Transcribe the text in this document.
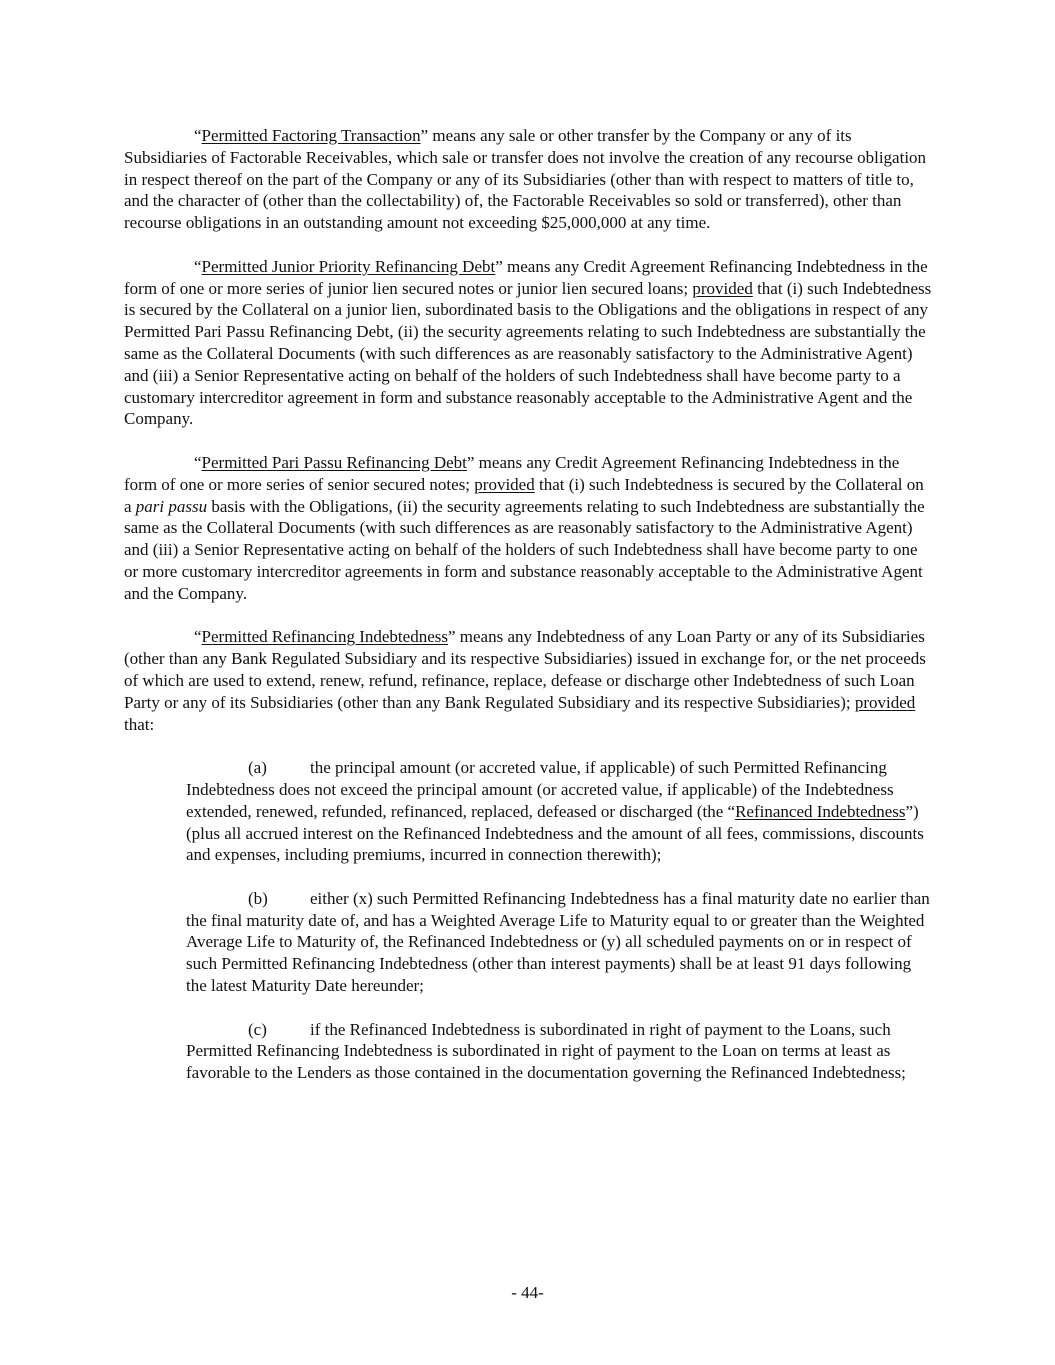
“Permitted Factoring Transaction” means any sale or other transfer by the Company or any of its Subsidiaries of Factorable Receivables, which sale or transfer does not involve the creation of any recourse obligation in respect thereof on the part of the Company or any of its Subsidiaries (other than with respect to matters of title to, and the character of (other than the collectability) of, the Factorable Receivables so sold or transferred), other than recourse obligations in an outstanding amount not exceeding $25,000,000 at any time.

“Permitted Junior Priority Refinancing Debt” means any Credit Agreement Refinancing Indebtedness in the form of one or more series of junior lien secured notes or junior lien secured loans; provided that (i) such Indebtedness is secured by the Collateral on a junior lien, subordinated basis to the Obligations and the obligations in respect of any Permitted Pari Passu Refinancing Debt, (ii) the security agreements relating to such Indebtedness are substantially the same as the Collateral Documents (with such differences as are reasonably satisfactory to the Administrative Agent) and (iii) a Senior Representative acting on behalf of the holders of such Indebtedness shall have become party to a customary intercreditor agreement in form and substance reasonably acceptable to the Administrative Agent and the Company.

“Permitted Pari Passu Refinancing Debt” means any Credit Agreement Refinancing Indebtedness in the form of one or more series of senior secured notes; provided that (i) such Indebtedness is secured by the Collateral on a pari passu basis with the Obligations, (ii) the security agreements relating to such Indebtedness are substantially the same as the Collateral Documents (with such differences as are reasonably satisfactory to the Administrative Agent) and (iii) a Senior Representative acting on behalf of the holders of such Indebtedness shall have become party to one or more customary intercreditor agreements in form and substance reasonably acceptable to the Administrative Agent and the Company.

“Permitted Refinancing Indebtedness” means any Indebtedness of any Loan Party or any of its Subsidiaries (other than any Bank Regulated Subsidiary and its respective Subsidiaries) issued in exchange for, or the net proceeds of which are used to extend, renew, refund, refinance, replace, defease or discharge other Indebtedness of such Loan Party or any of its Subsidiaries (other than any Bank Regulated Subsidiary and its respective Subsidiaries); provided that:

(a)	the principal amount (or accreted value, if applicable) of such Permitted Refinancing Indebtedness does not exceed the principal amount (or accreted value, if applicable) of the Indebtedness extended, renewed, refunded, refinanced, replaced, defeased or discharged (the “Refinanced Indebtedness”) (plus all accrued interest on the Refinanced Indebtedness and the amount of all fees, commissions, discounts and expenses, including premiums, incurred in connection therewith);

(b) either (x) such Permitted Refinancing Indebtedness has a final maturity date no earlier than the final maturity date of, and has a Weighted Average Life to Maturity equal to or greater than the Weighted Average Life to Maturity of, the Refinanced Indebtedness or (y) all scheduled payments on or in respect of such Permitted Refinancing Indebtedness (other than interest payments) shall be at least 91 days following the latest Maturity Date hereunder;

(c)	if the Refinanced Indebtedness is subordinated in right of payment to the Loans, such Permitted Refinancing Indebtedness is subordinated in right of payment to the Loan on terms at least as favorable to the Lenders as those contained in the documentation governing the Refinanced Indebtedness;

- 44-
